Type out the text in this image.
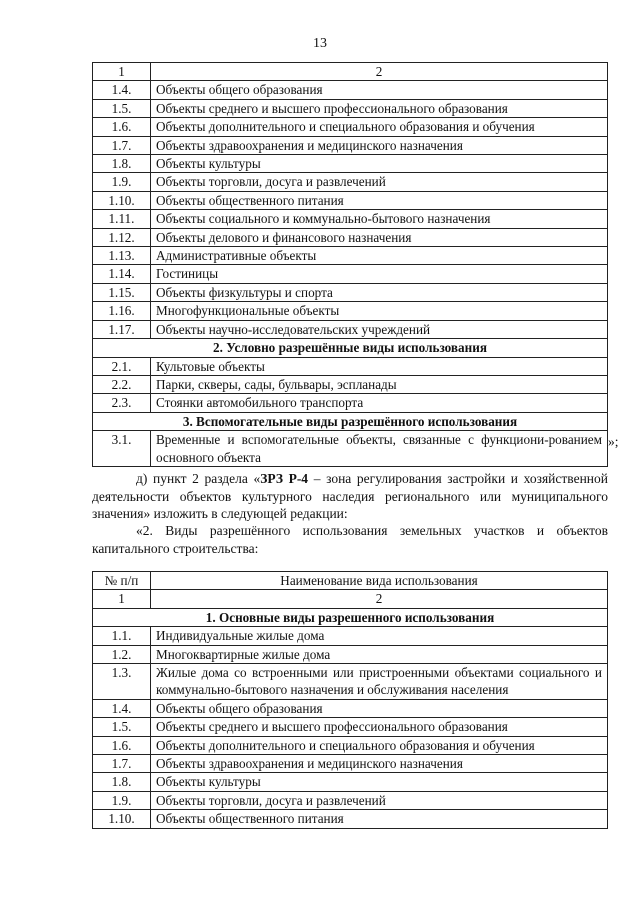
13
1	2
1.4.	Объекты общего образования
1.5.	Объекты среднего и высшего профессионального образования
1.6.	Объекты дополнительного и специального образования и обучения
1.7.	Объекты здравоохранения и медицинского назначения
1.8.	Объекты культуры
1.9.	Объекты торговли, досуга и развлечений
1.10.	Объекты общественного питания
1.11.	Объекты социального и коммунально-бытового назначения
1.12.	Объекты делового и финансового назначения
1.13.	Административные объекты
1.14.	Гостиницы
1.15.	Объекты физкультуры и спорта
1.16.	Многофункциональные объекты
1.17.	Объекты научно-исследовательских учреждений
2. Условно разрешённые виды использования	
2.1.	Культовые объекты
2.2.	Парки, скверы, сады, бульвары, эспланады
2.3.	Стоянки автомобильного транспорта
3. Вспомогательные виды разрешённого использования	
3.1.	Временные и вспомогательные объекты, связанные с функциони-рованием основного объекта
»;
д) пункт 2 раздела «ЗРЗ Р-4 – зона регулирования застройки и хозяйственной деятельности объектов культурного наследия регионального или муниципального значения» изложить в следующей редакции:
«2. Виды разрешённого использования земельных участков и объектов капитального строительства:
№ п/п	Наименование вида использования
1	2
1. Основные виды разрешенного использования	
1.1.	Индивидуальные жилые дома
1.2.	Многоквартирные жилые дома
1.3.	Жилые дома со встроенными или пристроенными объектами социального и коммунально-бытового назначения и обслуживания населения
1.4.	Объекты общего образования
1.5.	Объекты среднего и высшего профессионального образования
1.6.	Объекты дополнительного и специального образования и обучения
1.7.	Объекты здравоохранения и медицинского назначения
1.8.	Объекты культуры
1.9.	Объекты торговли, досуга и развлечений
1.10.	Объекты общественного питания
